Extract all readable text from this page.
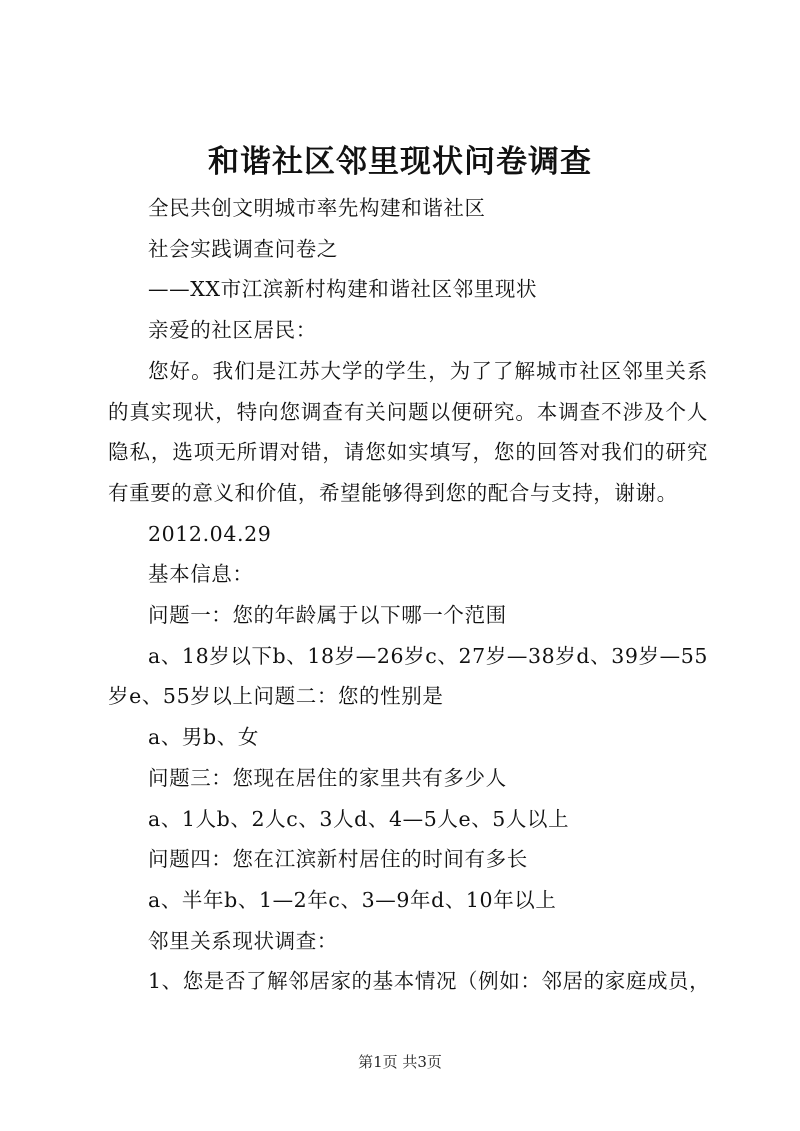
和谐社区邻里现状问卷调查

全民共创文明城市率先构建和谐社区

社会实践调查问卷之

——XX市江滨新村构建和谐社区邻里现状

亲爱的社区居民：

您好。我们是江苏大学的学生，为了了解城市社区邻里关系的真实现状，特向您调查有关问题以便研究。本调查不涉及个人隐私，选项无所谓对错，请您如实填写，您的回答对我们的研究有重要的意义和价值，希望能够得到您的配合与支持，谢谢。

2012.04.29

基本信息：

问题一：您的年龄属于以下哪一个范围

a、18岁以下b、18岁—26岁c、27岁—38岁d、39岁—55岁e、55岁以上问题二：您的性别是

a、男b、女

问题三：您现在居住的家里共有多少人

a、1人b、2人c、3人d、4—5人e、5人以上

问题四：您在江滨新村居住的时间有多长

a、半年b、1—2年c、3—9年d、10年以上

邻里关系现状调查：

1、您是否了解邻居家的基本情况（例如：邻居的家庭成员，

第1页 共3页
